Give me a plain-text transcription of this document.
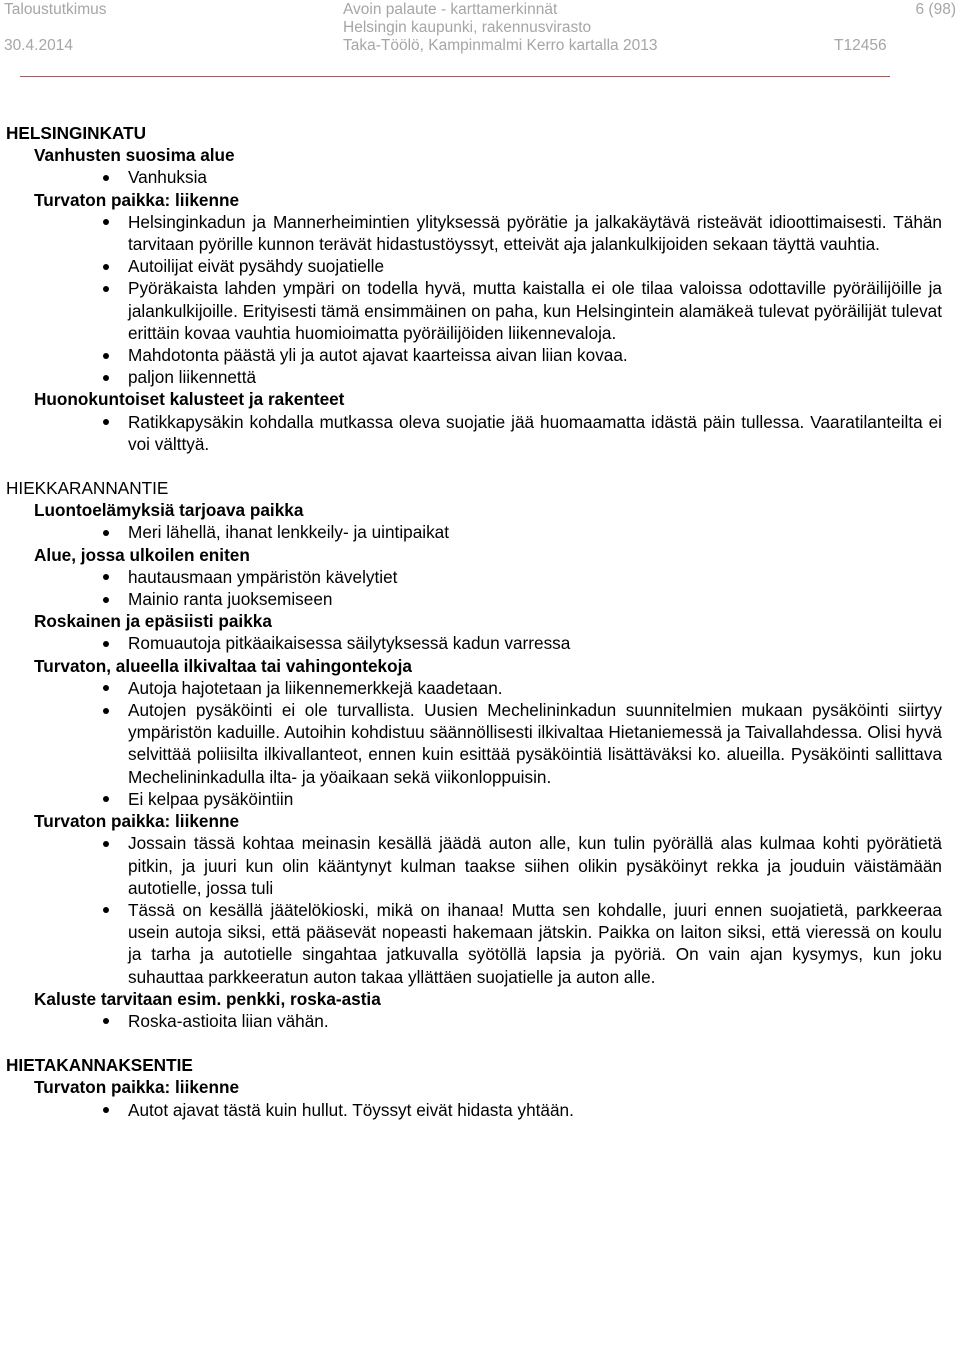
Taloustutkimus
30.4.2014
Avoin palaute - karttamerkinnät
Helsingin kaupunki, rakennusvirasto
Taka-Töölö, Kampinmalmi Kerro kartalla 2013
6 (98)
T12456
HELSINGINKATU
Vanhusten suosima alue
Vanhuksia
Turvaton paikka: liikenne
Helsinginkadun ja Mannerheimintien ylityksessä pyörätie ja jalkakäytävä risteävät idioottimaisesti. Tähän tarvitaan pyörille kunnon terävät hidastustöyssyt, etteivät aja jalankulkijoiden sekaan täyttä vauhtia.
Autoilijat eivät pysähdy suojatielle
Pyöräkaista lahden ympäri on todella hyvä, mutta kaistalla ei ole tilaa valoissa odottaville pyöräilijöille ja jalankulkijoille. Erityisesti tämä ensimmäinen on paha, kun Helsingintein alamäkeä tulevat pyöräilijät tulevat erittäin kovaa vauhtia huomioimatta pyöräilijöiden liikennevaloja.
Mahdotonta päästä yli ja autot ajavat kaarteissa aivan liian kovaa.
paljon liikennettä
Huonokuntoiset kalusteet ja rakenteet
Ratikkapysäkin kohdalla mutkassa oleva suojatie jää huomaamatta idästä päin tullessa. Vaaratilanteilta ei voi välttyä.
HIEKKARANNANTIE
Luontoelämyksiä tarjoava paikka
Meri lähellä, ihanat lenkkeily- ja uintipaikat
Alue, jossa ulkoilen eniten
hautausmaan ympäristön kävelytiet
Mainio ranta juoksemiseen
Roskainen ja epäsiisti paikka
Romuautoja pitkäaikaisessa säilytyksessä kadun varressa
Turvaton, alueella ilkivaltaa tai vahingontekoja
Autoja hajotetaan ja liikennemerkkejä kaadetaan.
Autojen pysäköinti ei ole turvallista. Uusien Mechelininkadun suunnitelmien mukaan pysäköinti siirtyy ympäristön kaduille. Autoihin kohdistuu säännöllisesti ilkivaltaa Hietaniemessä ja Taivallahdessa. Olisi hyvä selvittää poliisilta ilkivallanteot, ennen kuin esittää pysäköintiä lisättäväksi ko. alueilla. Pysäköinti sallittava Mechelininkadulla ilta- ja yöaikaan sekä viikonloppuisin.
Ei kelpaa pysäköintiin
Turvaton paikka: liikenne
Jossain tässä kohtaa meinasin kesällä jäädä auton alle, kun tulin pyörällä alas kulmaa kohti pyörätietä pitkin, ja juuri kun olin kääntynyt kulman taakse siihen olikin pysäköinyt rekka ja jouduin väistämään autotielle, jossa tuli
Tässä on kesällä jäätelökioski, mikä on ihanaa! Mutta sen kohdalle, juuri ennen suojatietä, parkkeeraa usein autoja siksi, että pääsevät nopeasti hakemaan jätskin. Paikka on laiton siksi, että vieressä on koulu ja tarha ja autotielle singahtaa jatkuvalla syötöllä lapsia ja pyöriä. On vain ajan kysymys, kun joku suhauttaa parkkeeratun auton takaa yllättäen suojatielle ja auton alle.
Kaluste tarvitaan esim. penkki, roska-astia
Roska-astioita liian vähän.
HIETAKANNAKSENTIE
Turvaton paikka: liikenne
Autot ajavat tästä kuin hullut. Töyssyt eivät hidasta yhtään.
